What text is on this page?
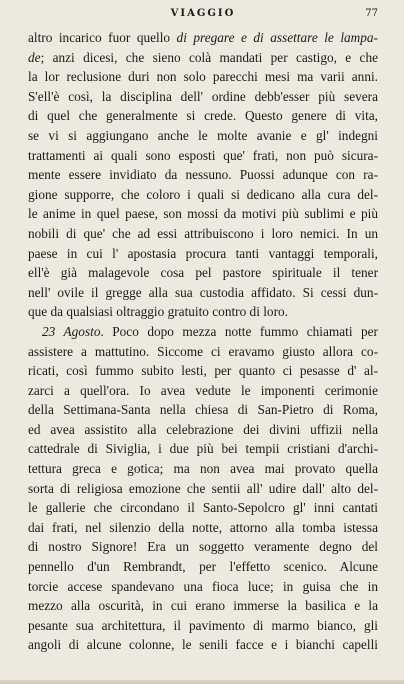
VIAGGIO	77
altro incarico fuor quello di pregare e di assettare le lampa-
de; anzi dicesi, che sieno colà mandati per castigo, e che
la lor reclusione duri non solo parecchi mesi ma varii anni.
S'ell'è così, la disciplina dell' ordine debb'esser più severa
di quel che generalmente si crede. Questo genere di vita,
se vi si aggiungano anche le molte avanie e gl' indegni
trattamenti ai quali sono esposti que' frati, non può sicura-
mente essere invidiato da nessuno. Puossi adunque con ra-
gione supporre, che coloro i quali si dedicano alla cura del-
le anime in quel paese, son mossi da motivi più sublimi e più
nobili di que' che ad essi attribuiscono i loro nemici. In un
paese in cui l' apostasia procura tanti vantaggi temporali,
ell'è già malagevole cosa pel pastore spirituale il tener
nell' ovile il gregge alla sua custodia affidato. Si cessi dun-
que da qualsiasi oltraggio gratuito contro di loro.
23 Agosto. Poco dopo mezza notte fummo chiamati per
assistere a mattutino. Siccome ci eravamo giusto allora co-
ricati, così fummo subito lesti, per quanto ci pesasse d' al-
zarci a quell'ora. Io avea vedute le imponenti cerimonie
della Settimana-Santa nella chiesa di San-Pietro di Roma,
ed avea assistito alla celebrazione dei divini uffizii nella
cattedrale di Siviglia, i due più bei tempii cristiani d'archi-
tettura greca e gotica; ma non avea mai provato quella
sorta di religiosa emozione che sentii all' udire dall' alto del-
le gallerie che circondano il Santo-Sepolcro gl' inni cantati
dai frati, nel silenzio della notte, attorno alla tomba istessa
di nostro Signore! Era un soggetto veramente degno del
pennello d'un Rembrandt, per l'effetto scenico. Alcune
torcie accese spandevano una fioca luce; in guisa che in
mezzo alla oscurità, in cui erano immerse la basilica e la
pesante sua architettura, il pavimento di marmo bianco, gli
angoli di alcune colonne, le senili facce e i bianchi capelli
